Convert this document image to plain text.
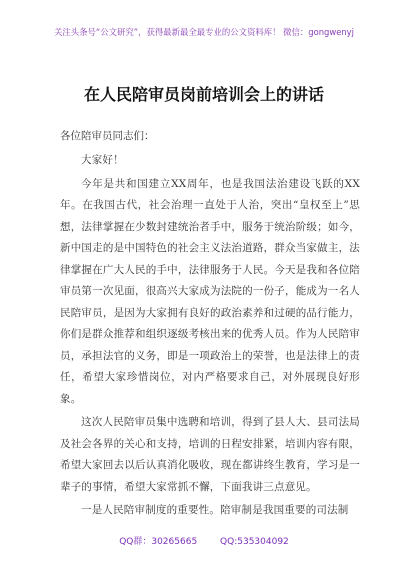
关注头条号“公文研究”，获得最新最全最专业的公文资料库！ 微信：gongwenyj
在人民陪审员岗前培训会上的讲话
各位陪审员同志们：

大家好！

今年是共和国建立XX周年，也是我国法治建设飞跃的XX年。在我国古代，社会治理一直处于人治，突出“皇权至上”思想，法律掌握在少数封建统治者手中，服务于统治阶级；如今，新中国走的是中国特色的社会主义法治道路，群众当家做主，法律掌握在广大人民的手中，法律服务于人民。今天是我和各位陪审员第一次见面，很高兴大家成为法院的一份子，能成为一名人民陪审员，是因为大家拥有良好的政治素养和过硬的品行能力，你们是群众推荐和组织逐级考核出来的优秀人员。作为人民陪审员，承担法官的义务，即是一项政治上的荣誉，也是法律上的责任，希望大家珍惜岗位，对内严格要求自己，对外展现良好形象。

这次人民陪审员集中选聘和培训，得到了县人大、县司法局及社会各界的关心和支持，培训的日程安排紧，培训内容有限，希望大家回去以后认真消化吸收，现在都讲终生教育，学习是一辈子的事情，希望大家常抓不懈，下面我讲三点意见。

一是人民陪审制度的重要性。陪审制是我国重要的司法制

QQ群：30265665	QQ:535304092
